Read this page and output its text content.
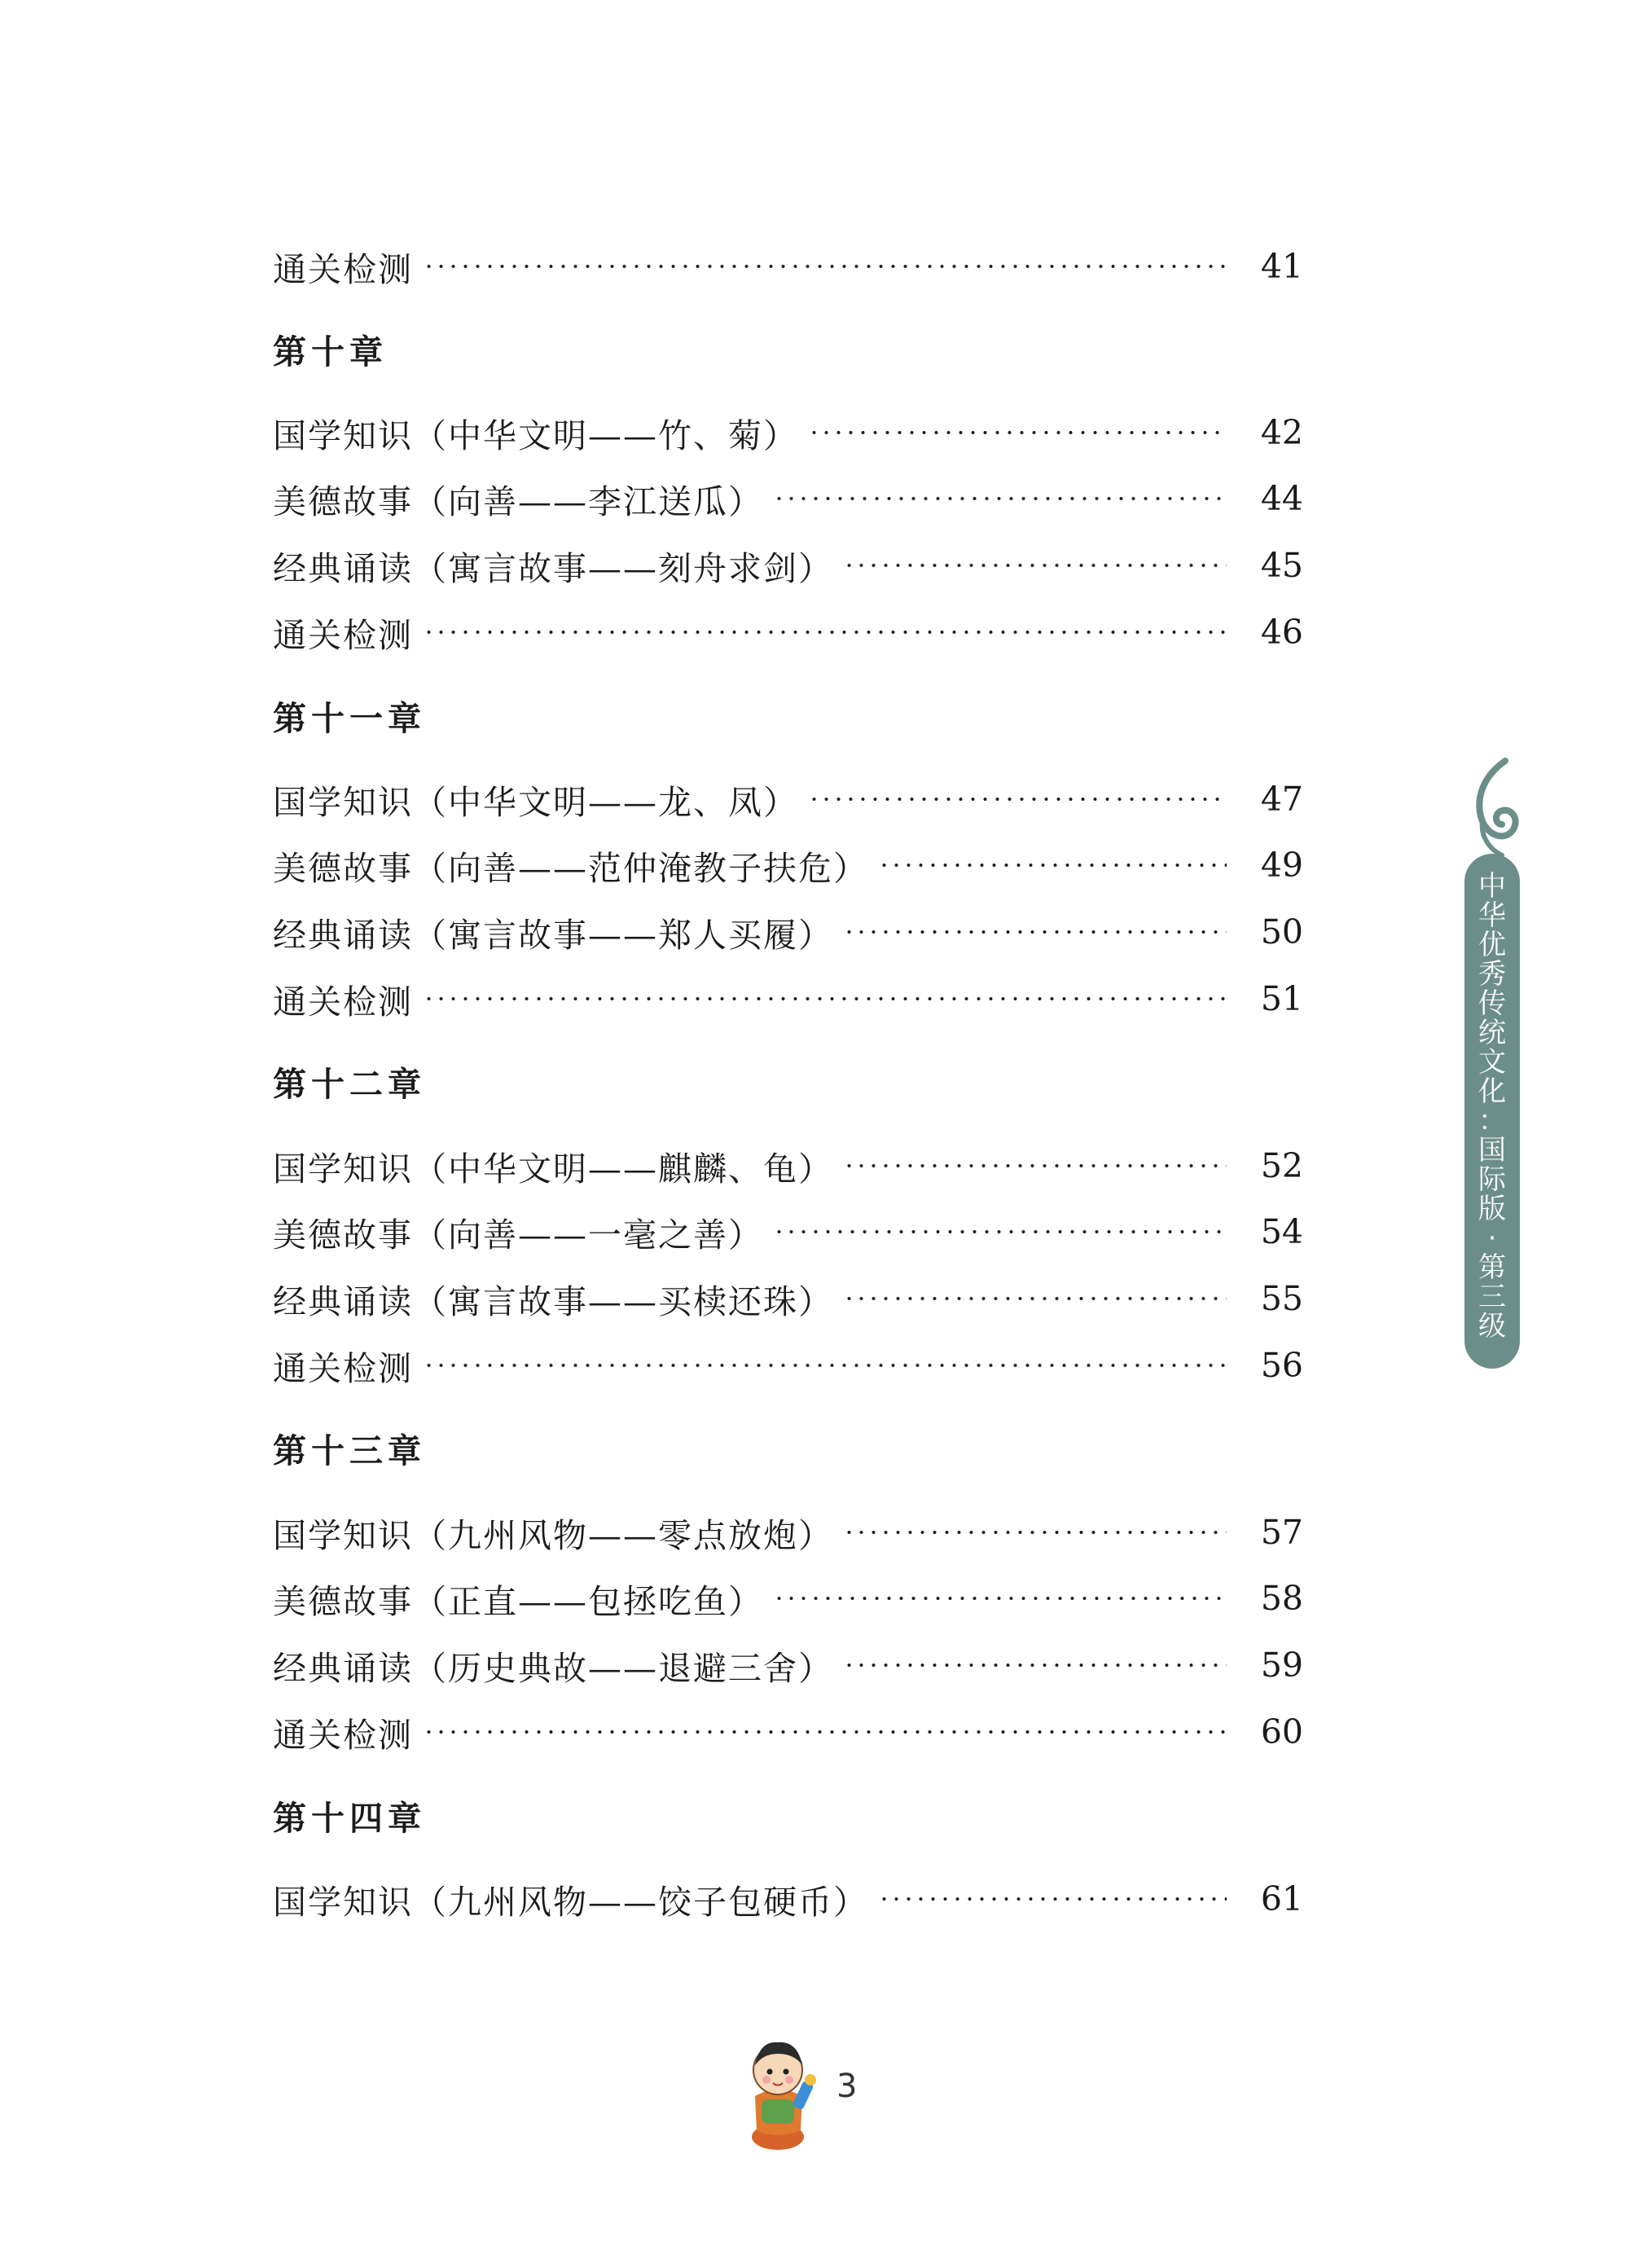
通关检测	41
第十章
国学知识（中华文明——竹、菊）	42
美德故事（向善——李江送瓜）	44
经典诵读（寓言故事——刻舟求剑）	45
通关检测	46
第十一章
国学知识（中华文明——龙、凤）	47
美德故事（向善——范仲淹教子扶危）	49
经典诵读（寓言故事——郑人买履）	50
通关检测	51
第十二章
国学知识（中华文明——麒麟、龟）	52
美德故事（向善——一毫之善）	54
经典诵读（寓言故事——买椟还珠）	55
通关检测	56
第十三章
国学知识（九州风物——零点放炮）	57
美德故事（正直——包拯吃鱼）	58
经典诵读（历史典故——退避三舍）	59
通关检测	60
第十四章
国学知识（九州风物——饺子包硬币）	61
中
华
优
秀
传
统
文
化
：
国
际
版
·
第
三
级
3
